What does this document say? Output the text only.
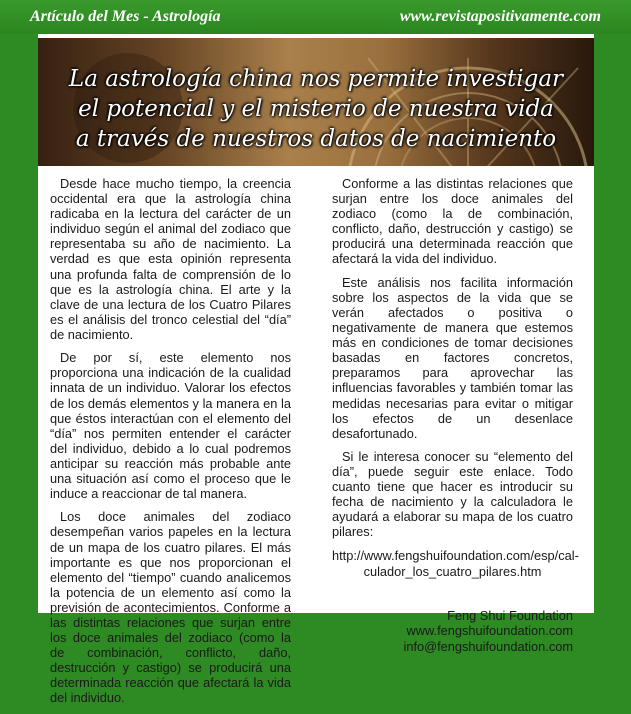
Artículo del Mes - Astrología	www.revistapositivamente.com
La astrología china nos permite investigar
el potencial y el misterio de nuestra vida
a través de nuestros datos de nacimiento

Desde hace mucho tiempo, la creencia occidental era que la astrología china radicaba en la lectura del carácter de un individuo según el animal del zodiaco que representaba su año de nacimiento. La verdad es que esta opinión representa una profunda falta de comprensión de lo que es la astrología china. El arte y la clave de una lectura de los Cuatro Pilares es el análisis del tronco celestial del “día” de nacimiento.

De por sí, este elemento nos proporciona una indicación de la cualidad innata de un individuo. Valorar los efectos de los demás elementos y la manera en la que éstos interactúan con el elemento del “día” nos permiten entender el carácter del individuo, debido a lo cual podremos anticipar su reacción más probable ante una situación así como el proceso que le induce a reaccionar de tal manera.

Los doce animales del zodiaco desempeñan varios papeles en la lectura de un mapa de los cuatro pilares. El más importante es que nos proporcionan el elemento del “tiempo” cuando analicemos la potencia de un elemento así como la previsión de acontecimientos. Conforme a las distintas relaciones que surjan entre los doce animales del zodiaco (como la de combinación, conflicto, daño, destrucción y castigo) se producirá una determinada reacción que afectará la vida del individuo.

Conforme a las distintas relaciones que surjan entre los doce animales del zodiaco (como la de combinación, conflicto, daño, destrucción y castigo) se producirá una determinada reacción que afectará la vida del individuo.

Este análisis nos facilita información sobre los aspectos de la vida que se verán afectados o positiva o negativamente de manera que estemos más en condiciones de tomar decisiones basadas en factores concretos, preparamos para aprovechar las influencias favorables y también tomar las medidas necesarias para evitar o mitigar los efectos de un desenlace desafortunado.

Si le interesa conocer su “elemento del día”, puede seguir este enlace. Todo cuanto tiene que hacer es introducir su fecha de nacimiento y la calculadora le ayudará a elaborar su mapa de los cuatro pilares:

http://www.fengshuifoundation.com/esp/cal-
culador_los_cuatro_pilares.htm
Feng Shui Foundation
www.fengshuifoundation.com
info@fengshuifoundation.com
